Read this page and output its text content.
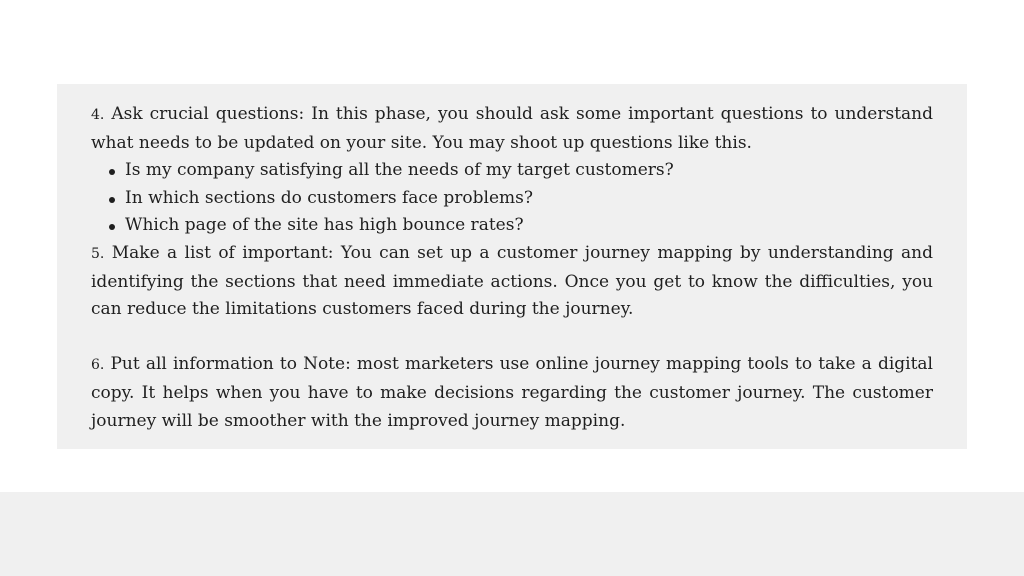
4. Ask crucial questions: In this phase, you should ask some important questions to understand what needs to be updated on your site. You may shoot up questions like this.

Is my company satisfying all the needs of my target customers?
In which sections do customers face problems?
Which page of the site has high bounce rates?

5. Make a list of important: You can set up a customer journey mapping by understanding and identifying the sections that need immediate actions. Once you get to know the difficulties, you can reduce the limitations customers faced during the journey.

6. Put all information to Note: most marketers use online journey mapping tools to take a digital copy. It helps when you have to make decisions regarding the customer journey. The customer journey will be smoother with the improved journey mapping.
